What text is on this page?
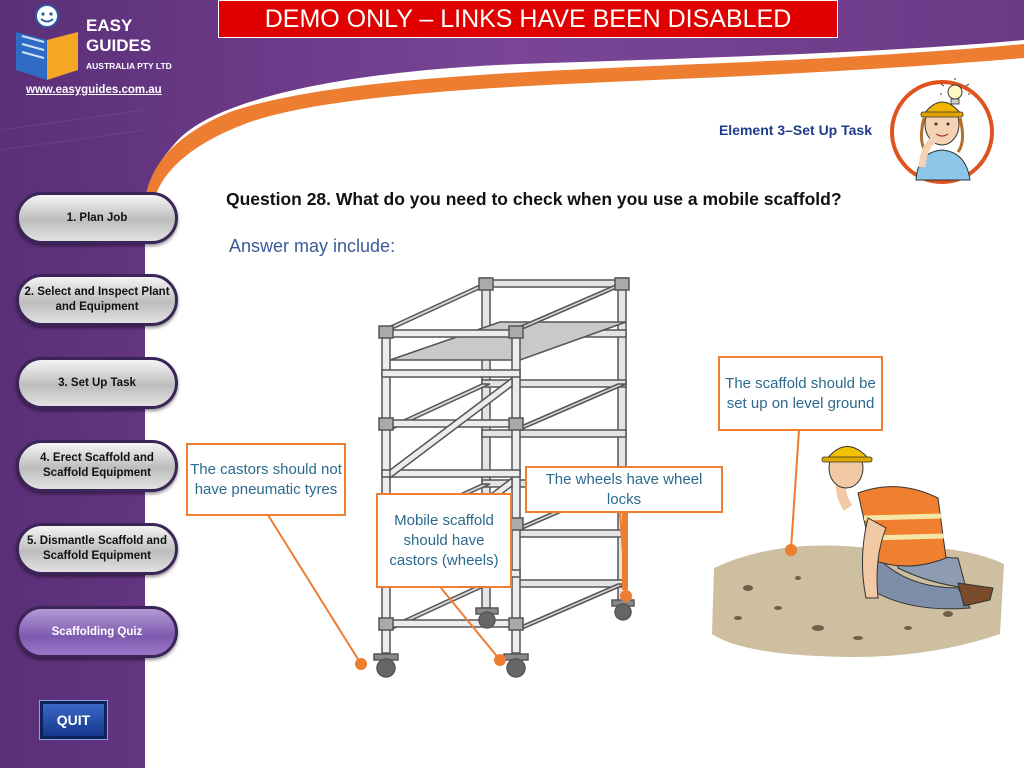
DEMO ONLY – LINKS HAVE BEEN DISABLED
EASY
GUIDES
AUSTRALIA PTY LTD
www.easyguides.com.au
Element 3–Set Up Task
Question 28. What do you need to check when you use a mobile scaffold?
Answer may include:
1. Plan Job
2. Select and Inspect Plant and Equipment
3. Set Up Task
4. Erect Scaffold and Scaffold Equipment
5. Dismantle Scaffold and Scaffold Equipment
Scaffolding Quiz
QUIT
The castors should not have pneumatic tyres
Mobile scaffold should have castors (wheels)
The wheels have wheel locks
The scaffold should be set up on level ground
